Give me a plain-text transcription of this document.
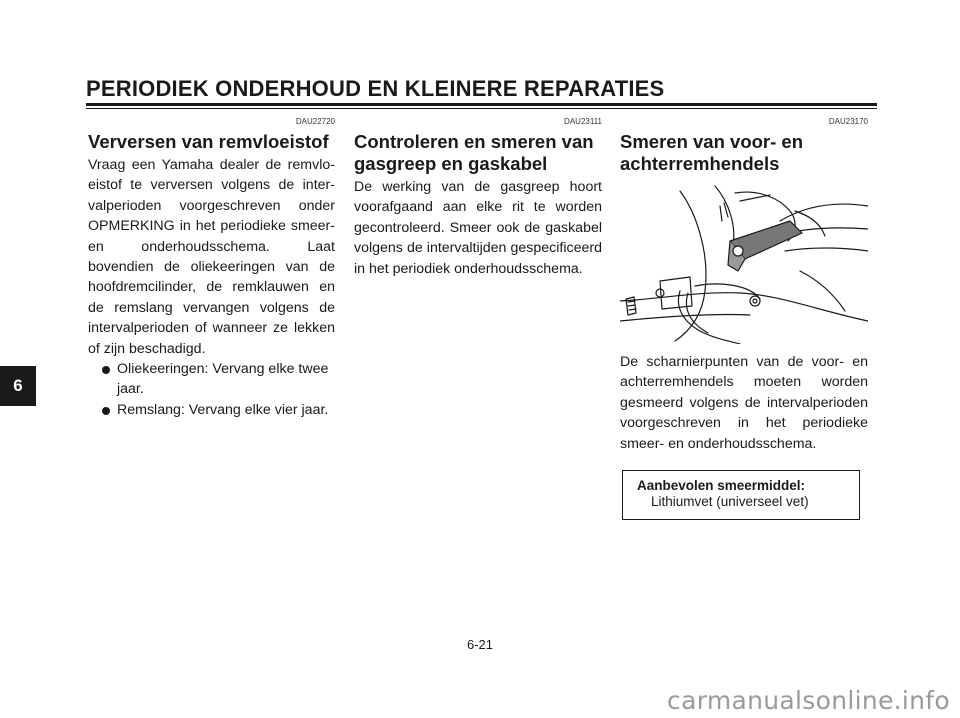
PERIODIEK ONDERHOUD EN KLEINERE REPARATIES
6
DAU22720
Verversen van remvloeistof

Vraag een Yamaha dealer de remvloeistof te verversen volgens de intervalperioden voorgeschreven onder OPMERKING in het periodieke smeer- en onderhoudsschema. Laat bovendien de oliekeeringen van de hoofdremcilinder, de remklauwen en de remslang vervangen volgens de intervalperioden of wanneer ze lekken of zijn beschadigd.

Oliekeeringen: Vervang elke twee jaar.
Remslang: Vervang elke vier jaar.
DAU23111
Controleren en smeren van gasgreep en gaskabel

De werking van de gasgreep hoort voorafgaand aan elke rit te worden gecontroleerd. Smeer ook de gaskabel volgens de intervaltijden gespecificeerd in het periodiek onderhoudsschema.

DAU23170
Smeren van voor- en achterremhendels

De scharnierpunten van de voor- en achterremhendels moeten worden gesmeerd volgens de intervalperioden voorgeschreven in het periodieke smeer- en onderhoudsschema.

Aanbevolen smeermiddel:
Lithiumvet (universeel vet)
6-21
carmanualsonline.info
